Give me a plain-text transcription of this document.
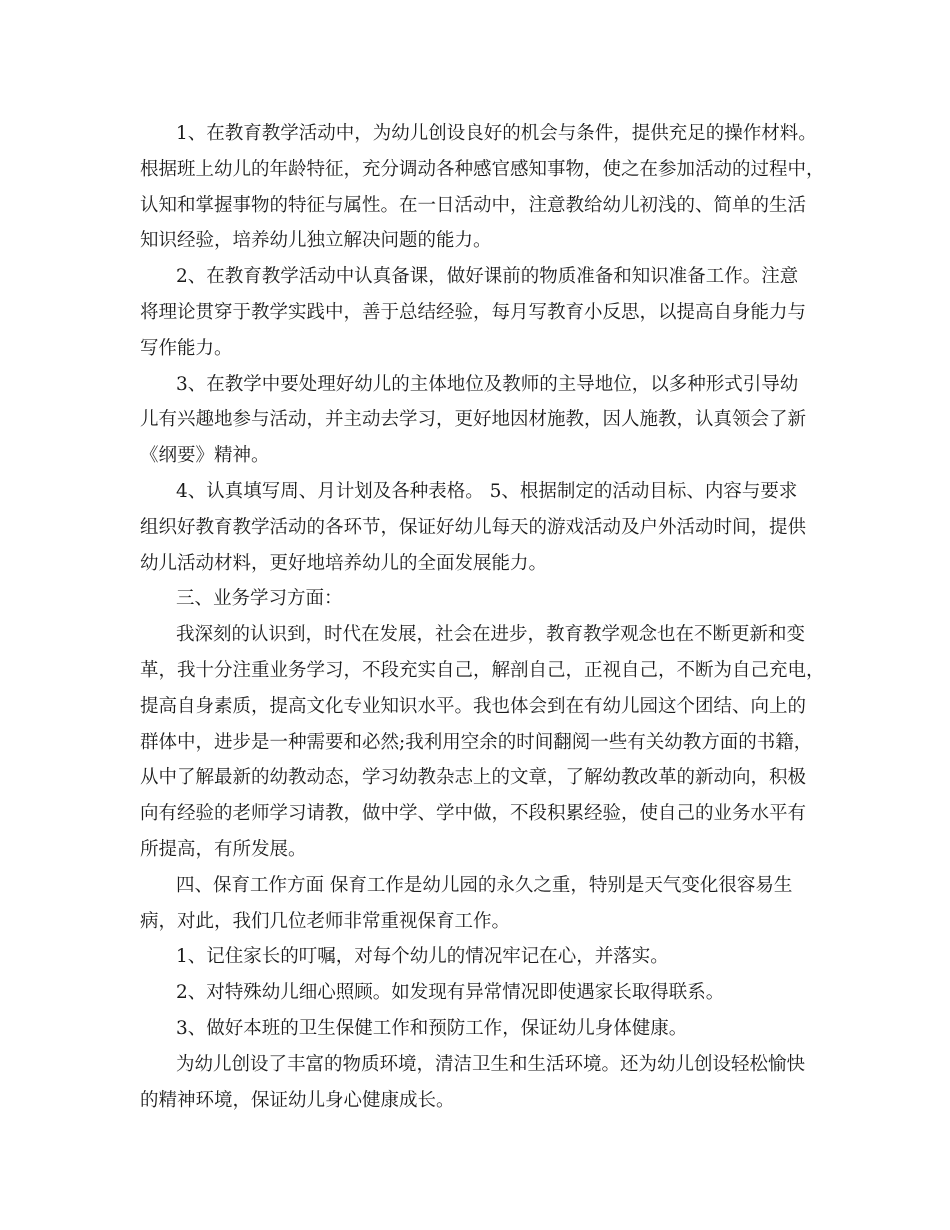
1、在教育教学活动中，为幼儿创设良好的机会与条件，提供充足的操作材料。
根据班上幼儿的年龄特征，充分调动各种感官感知事物，使之在参加活动的过程中，
认知和掌握事物的特征与属性。在一日活动中，注意教给幼儿初浅的、简单的生活
知识经验，培养幼儿独立解决问题的能力。
2、在教育教学活动中认真备课，做好课前的物质准备和知识准备工作。注意
将理论贯穿于教学实践中，善于总结经验，每月写教育小反思，以提高自身能力与
写作能力。
3、在教学中要处理好幼儿的主体地位及教师的主导地位，以多种形式引导幼
儿有兴趣地参与活动，并主动去学习，更好地因材施教，因人施教，认真领会了新
《纲要》精神。
4、认真填写周、月计划及各种表格。 5、根据制定的活动目标、内容与要求
组织好教育教学活动的各环节，保证好幼儿每天的游戏活动及户外活动时间，提供
幼儿活动材料，更好地培养幼儿的全面发展能力。
三、业务学习方面：
我深刻的认识到，时代在发展，社会在进步，教育教学观念也在不断更新和变
革，我十分注重业务学习，不段充实自己，解剖自己，正视自己，不断为自己充电，
提高自身素质，提高文化专业知识水平。我也体会到在有幼儿园这个团结、向上的
群体中，进步是一种需要和必然;我利用空余的时间翻阅一些有关幼教方面的书籍，
从中了解最新的幼教动态，学习幼教杂志上的文章，了解幼教改革的新动向，积极
向有经验的老师学习请教，做中学、学中做，不段积累经验，使自己的业务水平有
所提高，有所发展。
四、保育工作方面 保育工作是幼儿园的永久之重，特别是天气变化很容易生
病，对此，我们几位老师非常重视保育工作。
1、记住家长的叮嘱，对每个幼儿的情况牢记在心，并落实。
2、对特殊幼儿细心照顾。如发现有异常情况即使遇家长取得联系。
3、做好本班的卫生保健工作和预防工作，保证幼儿身体健康。
为幼儿创设了丰富的物质环境，清洁卫生和生活环境。还为幼儿创设轻松愉快
的精神环境，保证幼儿身心健康成长。
